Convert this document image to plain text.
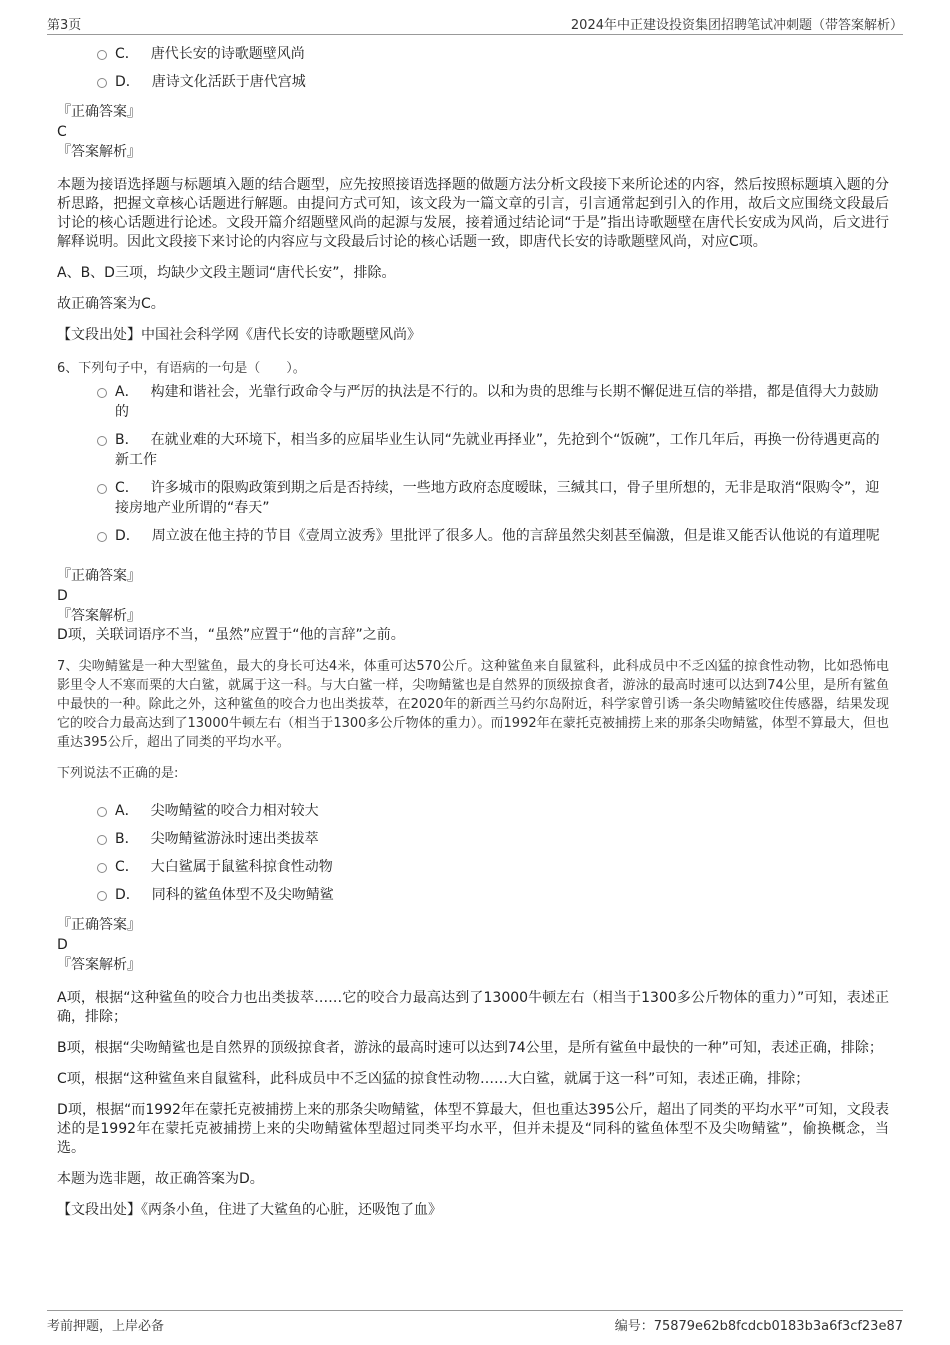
第3页	2024年中正建设投资集团招聘笔试冲刺题（带答案解析）
C． 唐代长安的诗歌题壁风尚
D． 唐诗文化活跃于唐代宫城

『正确答案』

C

『答案解析』

本题为接语选择题与标题填入题的结合题型，应先按照接语选择题的做题方法分析文段接下来所论述的内容，然后按照标题填入题的分析思路，把握文章核心话题进行解题。由提问方式可知，该文段为一篇文章的引言，引言通常起到引入的作用，故后文应围绕文段最后讨论的核心话题进行论述。文段开篇介绍题壁风尚的起源与发展，接着通过结论词“于是”指出诗歌题壁在唐代长安成为风尚，后文进行解释说明。因此文段接下来讨论的内容应与文段最后讨论的核心话题一致，即唐代长安的诗歌题壁风尚，对应C项。

A、B、D三项，均缺少文段主题词“唐代长安”，排除。

故正确答案为C。

【文段出处】中国社会科学网《唐代长安的诗歌题壁风尚》

6、下列句子中，有语病的一句是（　　）。

A． 构建和谐社会，光靠行政命令与严厉的执法是不行的。以和为贵的思维与长期不懈促进互信的举措，都是值得大力鼓励的
B． 在就业难的大环境下，相当多的应届毕业生认同“先就业再择业”，先抢到个“饭碗”，工作几年后，再换一份待遇更高的新工作
C． 许多城市的限购政策到期之后是否持续，一些地方政府态度暧昧，三缄其口，骨子里所想的，无非是取消“限购令”，迎接房地产业所谓的“春天”
D． 周立波在他主持的节目《壹周立波秀》里批评了很多人。他的言辞虽然尖刻甚至偏激，但是谁又能否认他说的有道理呢

『正确答案』

D

『答案解析』

D项，关联词语序不当，“虽然”应置于“他的言辞”之前。

7、尖吻鲭鲨是一种大型鲨鱼，最大的身长可达4米，体重可达570公斤。这种鲨鱼来自鼠鲨科，此科成员中不乏凶猛的掠食性动物，比如恐怖电影里令人不寒而栗的大白鲨，就属于这一科。与大白鲨一样，尖吻鲭鲨也是自然界的顶级掠食者，游泳的最高时速可以达到74公里，是所有鲨鱼中最快的一种。除此之外，这种鲨鱼的咬合力也出类拔萃，在2020年的新西兰马约尔岛附近，科学家曾引诱一条尖吻鲭鲨咬住传感器，结果发现它的咬合力最高达到了13000牛顿左右（相当于1300多公斤物体的重力）。而1992年在蒙托克被捕捞上来的那条尖吻鲭鲨，体型不算最大，但也重达395公斤，超出了同类的平均水平。

下列说法不正确的是:

A． 尖吻鲭鲨的咬合力相对较大
B． 尖吻鲭鲨游泳时速出类拔萃
C． 大白鲨属于鼠鲨科掠食性动物
D． 同科的鲨鱼体型不及尖吻鲭鲨

『正确答案』

D

『答案解析』

A项，根据“这种鲨鱼的咬合力也出类拔萃……它的咬合力最高达到了13000牛顿左右（相当于1300多公斤物体的重力）”可知，表述正确，排除；

B项，根据“尖吻鲭鲨也是自然界的顶级掠食者，游泳的最高时速可以达到74公里，是所有鲨鱼中最快的一种”可知，表述正确，排除；

C项，根据“这种鲨鱼来自鼠鲨科，此科成员中不乏凶猛的掠食性动物……大白鲨，就属于这一科”可知，表述正确，排除；

D项，根据“而1992年在蒙托克被捕捞上来的那条尖吻鲭鲨，体型不算最大，但也重达395公斤，超出了同类的平均水平”可知，文段表述的是1992年在蒙托克被捕捞上来的尖吻鲭鲨体型超过同类平均水平，但并未提及“同科的鲨鱼体型不及尖吻鲭鲨”，偷换概念，当选。

本题为选非题，故正确答案为D。

【文段出处】《两条小鱼，住进了大鲨鱼的心脏，还吸饱了血》

考前押题，上岸必备	编号：75879e62b8fcdcb0183b3a6f3cf23e87
